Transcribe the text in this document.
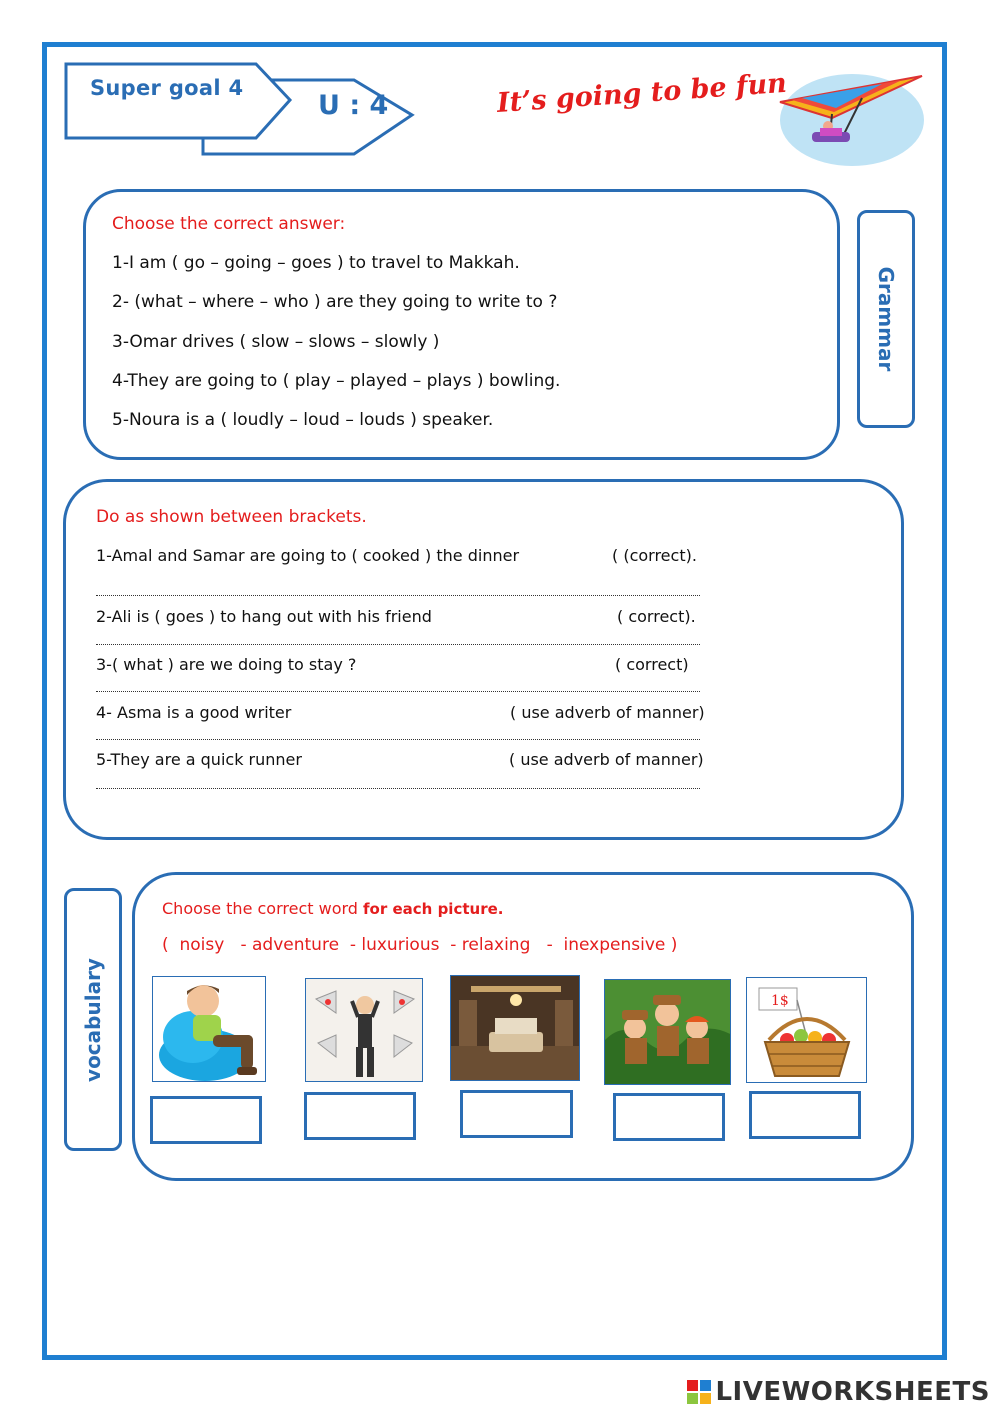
Super goal 4
U : 4	It’s going to be fun
Grammar
Choose the correct answer:
1-I am ( go – going – goes ) to travel to Makkah.
2- (what – where – who ) are they going to write to ?
3-Omar drives ( slow – slows – slowly )
4-They are going to ( play – played – plays ) bowling.
5-Noura is a ( loudly – loud – louds ) speaker.
Do as shown between brackets.
1-Amal and Samar are going to ( cooked ) the dinner	( (correct).
2-Ali is ( goes ) to hang out with his friend	( correct).
3-( what ) are we doing to stay ?	( correct)
4- Asma is a good writer	( use adverb of manner)
5-They are a quick runner	( use adverb of manner)
vocabulary
Choose the correct word for each picture.
(  noisy   - adventure  - luxurious  - relaxing   -  inexpensive )
1$
LIVEWORKSHEETS
